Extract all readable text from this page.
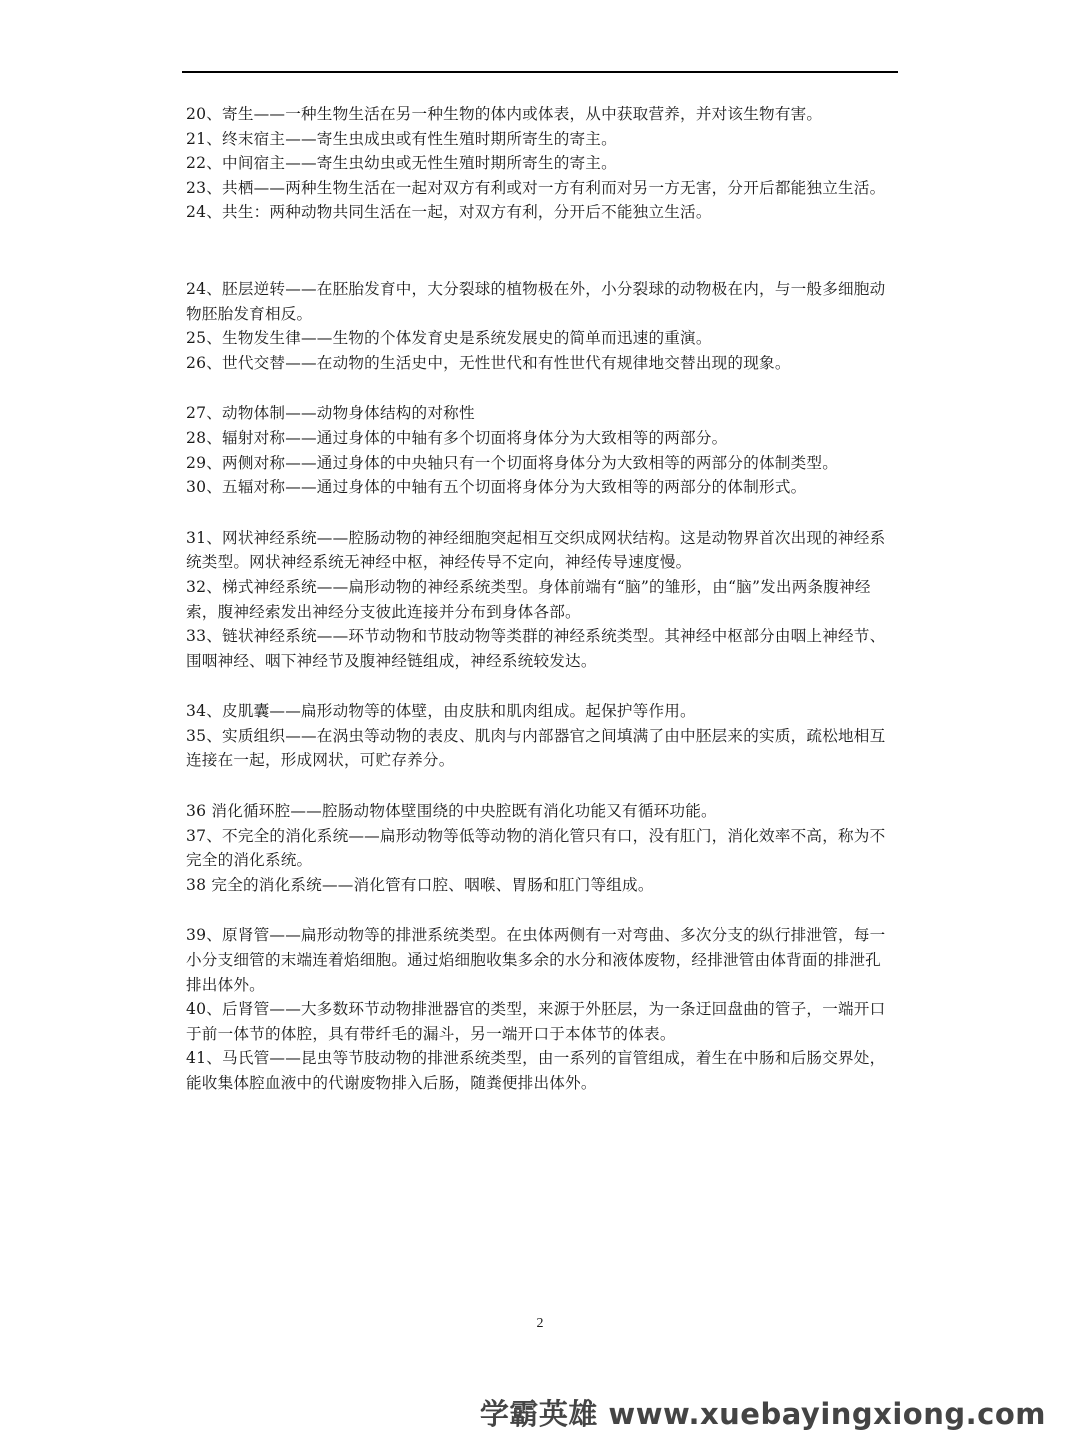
20、寄生——一种生物生活在另一种生物的体内或体表，从中获取营养，并对该生物有害。

21、终末宿主——寄生虫成虫或有性生殖时期所寄生的寄主。

22、中间宿主——寄生虫幼虫或无性生殖时期所寄生的寄主。

23、共栖——两种生物生活在一起对双方有利或对一方有利而对另一方无害，分开后都能独立生活。

24、共生：两种动物共同生活在一起，对双方有利，分开后不能独立生活。

24、胚层逆转——在胚胎发育中，大分裂球的植物极在外，小分裂球的动物极在内，与一般多细胞动物胚胎发育相反。

25、生物发生律——生物的个体发育史是系统发展史的简单而迅速的重演。

26、世代交替——在动物的生活史中，无性世代和有性世代有规律地交替出现的现象。

27、动物体制——动物身体结构的对称性

28、辐射对称——通过身体的中轴有多个切面将身体分为大致相等的两部分。

29、两侧对称——通过身体的中央轴只有一个切面将身体分为大致相等的两部分的体制类型。

30、五辐对称——通过身体的中轴有五个切面将身体分为大致相等的两部分的体制形式。

31、网状神经系统——腔肠动物的神经细胞突起相互交织成网状结构。这是动物界首次出现的神经系统类型。网状神经系统无神经中枢，神经传导不定向，神经传导速度慢。

32、梯式神经系统——扁形动物的神经系统类型。身体前端有“脑”的雏形，由“脑”发出两条腹神经索，腹神经索发出神经分支彼此连接并分布到身体各部。

33、链状神经系统——环节动物和节肢动物等类群的神经系统类型。其神经中枢部分由咽上神经节、围咽神经、咽下神经节及腹神经链组成，神经系统较发达。

34、皮肌囊——扁形动物等的体壁，由皮肤和肌肉组成。起保护等作用。

35、实质组织——在涡虫等动物的表皮、肌肉与内部器官之间填满了由中胚层来的实质，疏松地相互连接在一起，形成网状，可贮存养分。

36 消化循环腔——腔肠动物体壁围绕的中央腔既有消化功能又有循环功能。

37、不完全的消化系统——扁形动物等低等动物的消化管只有口，没有肛门，消化效率不高，称为不完全的消化系统。

38 完全的消化系统——消化管有口腔、咽喉、胃肠和肛门等组成。

39、原肾管——扁形动物等的排泄系统类型。在虫体两侧有一对弯曲、多次分支的纵行排泄管，每一小分支细管的末端连着焰细胞。通过焰细胞收集多余的水分和液体废物，经排泄管由体背面的排泄孔排出体外。

40、后肾管——大多数环节动物排泄器官的类型，来源于外胚层，为一条迂回盘曲的管子，一端开口于前一体节的体腔，具有带纤毛的漏斗，另一端开口于本体节的体表。

41、马氏管——昆虫等节肢动物的排泄系统类型，由一系列的盲管组成，着生在中肠和后肠交界处，能收集体腔血液中的代谢废物排入后肠，随粪便排出体外。

2
学霸英雄 www.xuebayingxiong.com
